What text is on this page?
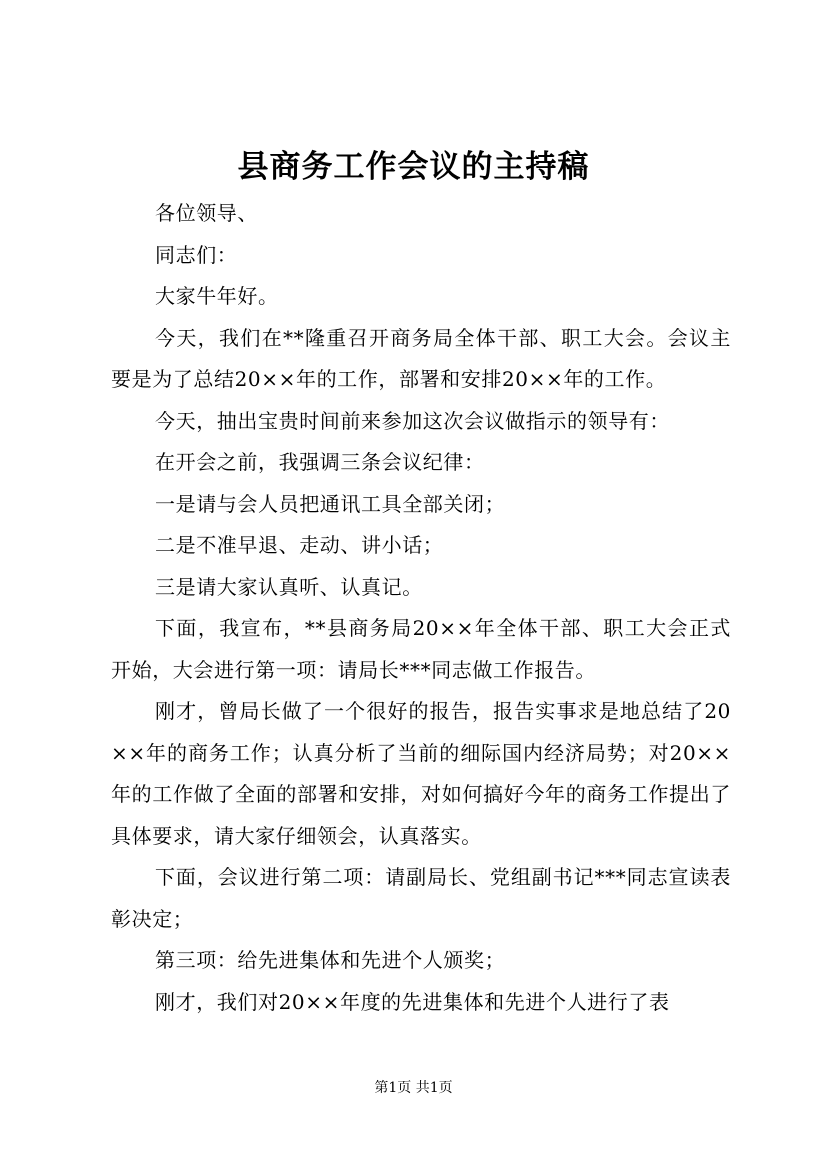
县商务工作会议的主持稿

各位领导、

同志们：

大家牛年好。

今天，我们在**隆重召开商务局全体干部、职工大会。会议主要是为了总结20××年的工作，部署和安排20××年的工作。

今天，抽出宝贵时间前来参加这次会议做指示的领导有：

在开会之前，我强调三条会议纪律：

一是请与会人员把通讯工具全部关闭；

二是不准早退、走动、讲小话；

三是请大家认真听、认真记。

下面，我宣布，**县商务局20××年全体干部、职工大会正式开始，大会进行第一项：请局长***同志做工作报告。

刚才，曾局长做了一个很好的报告，报告实事求是地总结了20××年的商务工作；认真分析了当前的细际国内经济局势；对20××年的工作做了全面的部署和安排，对如何搞好今年的商务工作提出了具体要求，请大家仔细领会，认真落实。

下面，会议进行第二项：请副局长、党组副书记***同志宣读表彰决定；

第三项：给先进集体和先进个人颁奖；

刚才，我们对20××年度的先进集体和先进个人进行了表

第1页 共1页
